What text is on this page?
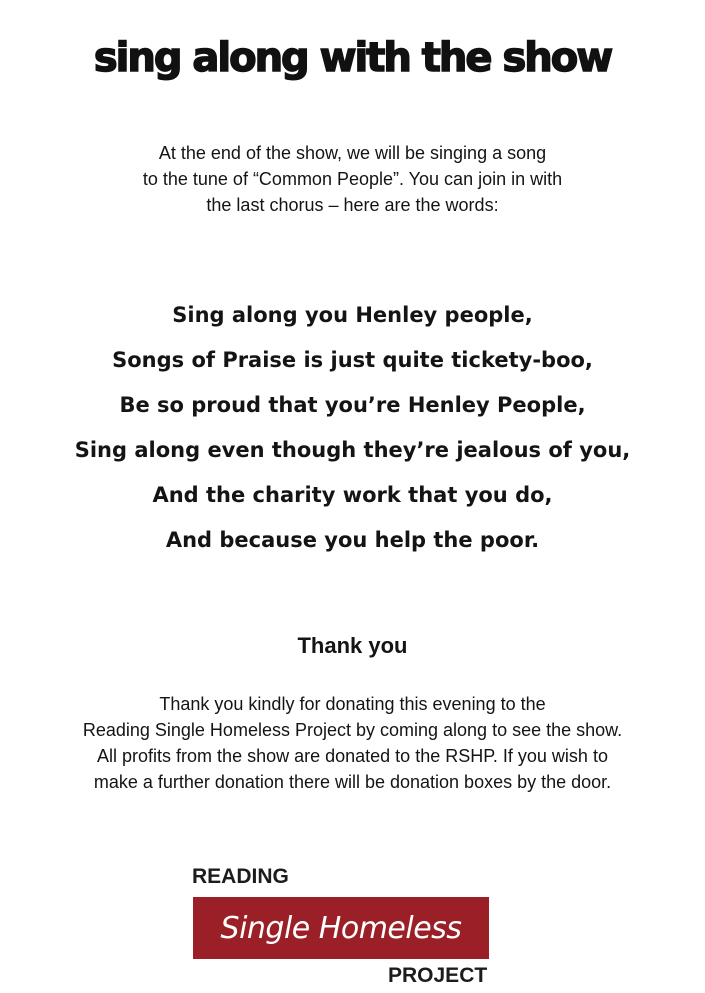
sing along with the show
At the end of the show, we will be singing a song
to the tune of “Common People”. You can join in with
the last chorus – here are the words:
Sing along you Henley people,
Songs of Praise is just quite tickety-boo,
Be so proud that you’re Henley People,
Sing along even though they’re jealous of you,
And the charity work that you do,
And because you help the poor.
Thank you
Thank you kindly for donating this evening to the
Reading Single Homeless Project by coming along to see the show.
All profits from the show are donated to the RSHP. If you wish to
make a further donation there will be donation boxes by the door.
READING
Single Homeless
PROJECT
